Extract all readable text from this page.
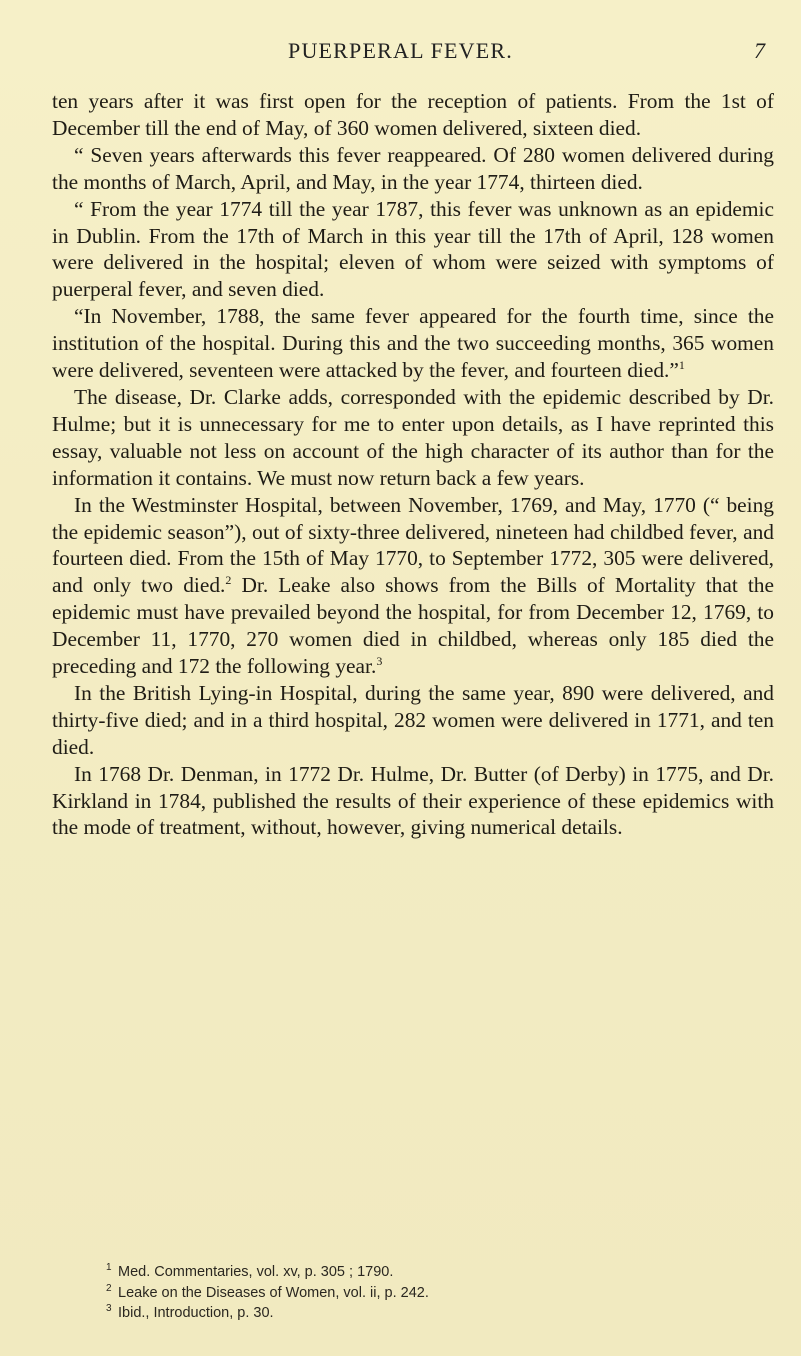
PUERPERAL FEVER.	7

ten years after it was first open for the reception of patients. From the 1st of December till the end of May, of 360 women delivered, sixteen died.

“ Seven years afterwards this fever reappeared. Of 280 women delivered during the months of March, April, and May, in the year 1774, thirteen died.

“ From the year 1774 till the year 1787, this fever was unknown as an epidemic in Dublin. From the 17th of March in this year till the 17th of April, 128 women were delivered in the hospital; eleven of whom were seized with symptoms of puerperal fever, and seven died.

“In November, 1788, the same fever appeared for the fourth time, since the institution of the hospital. During this and the two succeeding months, 365 women were delivered, seventeen were attacked by the fever, and fourteen died.”$^1$

The disease, Dr. Clarke adds, corresponded with the epidemic described by Dr. Hulme; but it is unnecessary for me to enter upon details, as I have reprinted this essay, valuable not less on account of the high character of its author than for the information it contains. We must now return back a few years.

In the Westminster Hospital, between November, 1769, and May, 1770 (“ being the epidemic season”), out of sixty-three delivered, nineteen had childbed fever, and fourteen died. From the 15th of May 1770, to September 1772, 305 were delivered, and only two died.$^2$ Dr. Leake also shows from the Bills of Mortality that the epidemic must have prevailed beyond the hospital, for from December 12, 1769, to December 11, 1770, 270 women died in childbed, whereas only 185 died the preceding and 172 the following year.$^3$

In the British Lying-in Hospital, during the same year, 890 were delivered, and thirty-five died; and in a third hospital, 282 women were delivered in 1771, and ten died.

In 1768 Dr. Denman, in 1772 Dr. Hulme, Dr. Butter (of Derby) in 1775, and Dr. Kirkland in 1784, published the results of their experience of these epidemics with the mode of treatment, without, however, giving numerical details.

1 Med. Commentaries, vol. xv, p. 305 ; 1790.
2 Leake on the Diseases of Women, vol. ii, p. 242.
3 Ibid., Introduction, p. 30.
